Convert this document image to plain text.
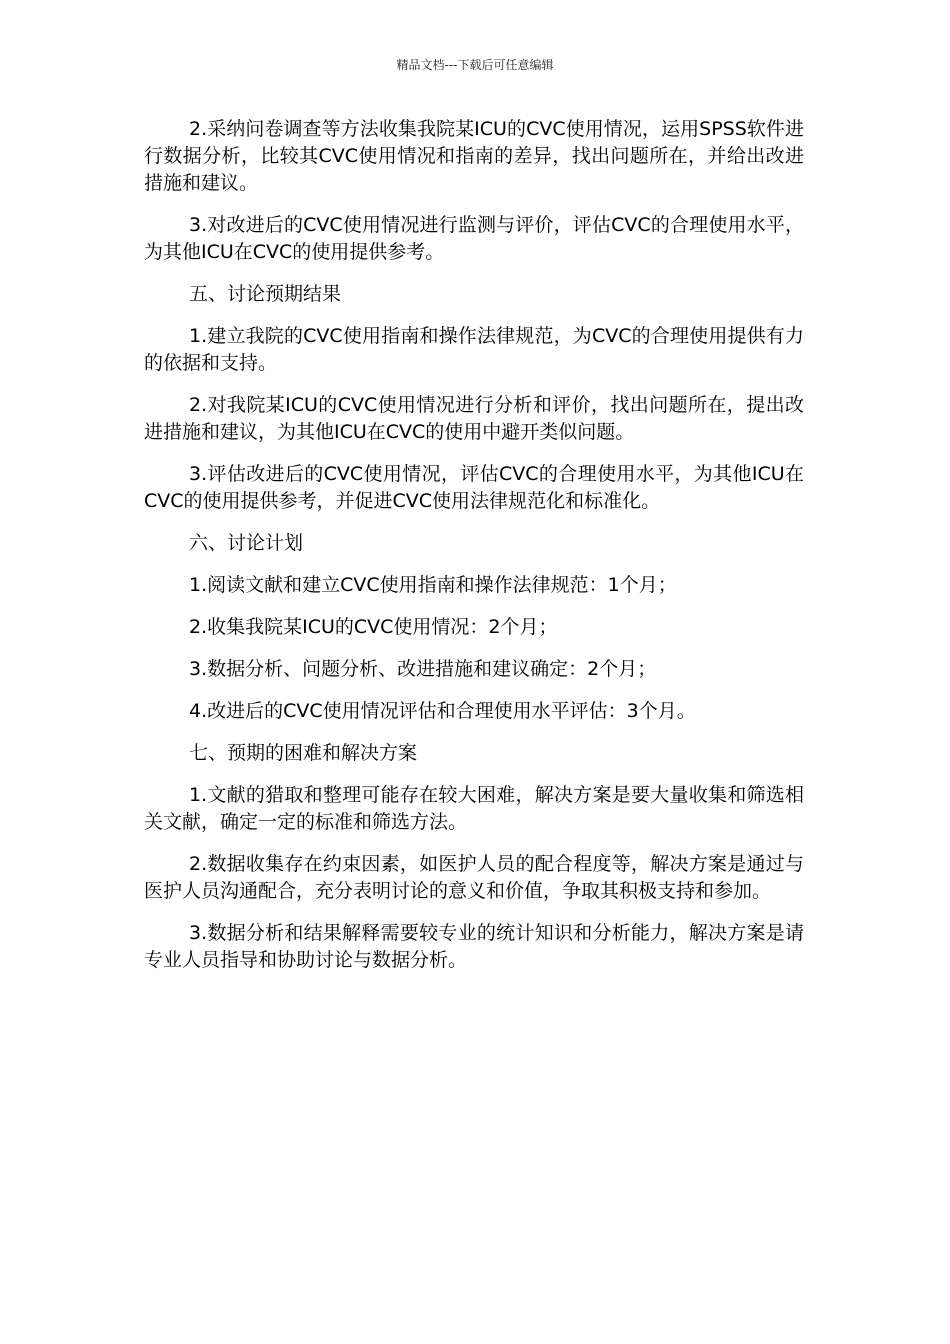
精品文档---下载后可任意编辑

2.采纳问卷调查等方法收集我院某ICU的CVC使用情况，运用SPSS软件进行数据分析，比较其CVC使用情况和指南的差异，找出问题所在，并给出改进措施和建议。

3.对改进后的CVC使用情况进行监测与评价，评估CVC的合理使用水平，为其他ICU在CVC的使用提供参考。

五、讨论预期结果

1.建立我院的CVC使用指南和操作法律规范，为CVC的合理使用提供有力的依据和支持。

2.对我院某ICU的CVC使用情况进行分析和评价，找出问题所在，提出改进措施和建议，为其他ICU在CVC的使用中避开类似问题。

3.评估改进后的CVC使用情况，评估CVC的合理使用水平，为其他ICU在CVC的使用提供参考，并促进CVC使用法律规范化和标准化。

六、讨论计划

1.阅读文献和建立CVC使用指南和操作法律规范：1个月；

2.收集我院某ICU的CVC使用情况：2个月；

3.数据分析、问题分析、改进措施和建议确定：2个月；

4.改进后的CVC使用情况评估和合理使用水平评估：3个月。

七、预期的困难和解决方案

1.文献的猎取和整理可能存在较大困难，解决方案是要大量收集和筛选相关文献，确定一定的标准和筛选方法。

2.数据收集存在约束因素，如医护人员的配合程度等，解决方案是通过与医护人员沟通配合，充分表明讨论的意义和价值，争取其积极支持和参加。

3.数据分析和结果解释需要较专业的统计知识和分析能力，解决方案是请专业人员指导和协助讨论与数据分析。
